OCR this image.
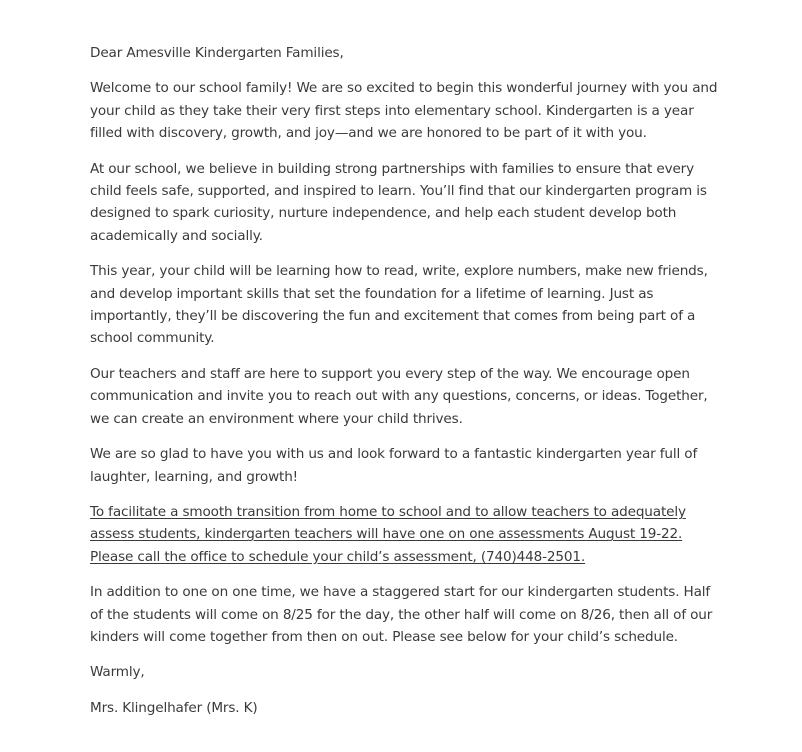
Dear Amesville Kindergarten Families,

Welcome to our school family! We are so excited to begin this wonderful journey with you and your child as they take their very first steps into elementary school. Kindergarten is a year filled with discovery, growth, and joy—and we are honored to be part of it with you.

At our school, we believe in building strong partnerships with families to ensure that every child feels safe, supported, and inspired to learn. You’ll find that our kindergarten program is designed to spark curiosity, nurture independence, and help each student develop both academically and socially.

This year, your child will be learning how to read, write, explore numbers, make new friends, and develop important skills that set the foundation for a lifetime of learning. Just as importantly, they’ll be discovering the fun and excitement that comes from being part of a school community.

Our teachers and staff are here to support you every step of the way. We encourage open communication and invite you to reach out with any questions, concerns, or ideas. Together, we can create an environment where your child thrives.

We are so glad to have you with us and look forward to a fantastic kindergarten year full of laughter, learning, and growth!

To facilitate a smooth transition from home to school and to allow teachers to adequately assess students, kindergarten teachers will have one on one assessments August 19-22. Please call the office to schedule your child’s assessment, (740)448-2501.

In addition to one on one time, we have a staggered start for our kindergarten students. Half of the students will come on 8/25 for the day, the other half will come on 8/26, then all of our kinders will come together from then on out. Please see below for your child’s schedule.

Warmly,

Mrs. Klingelhafer (Mrs. K)
